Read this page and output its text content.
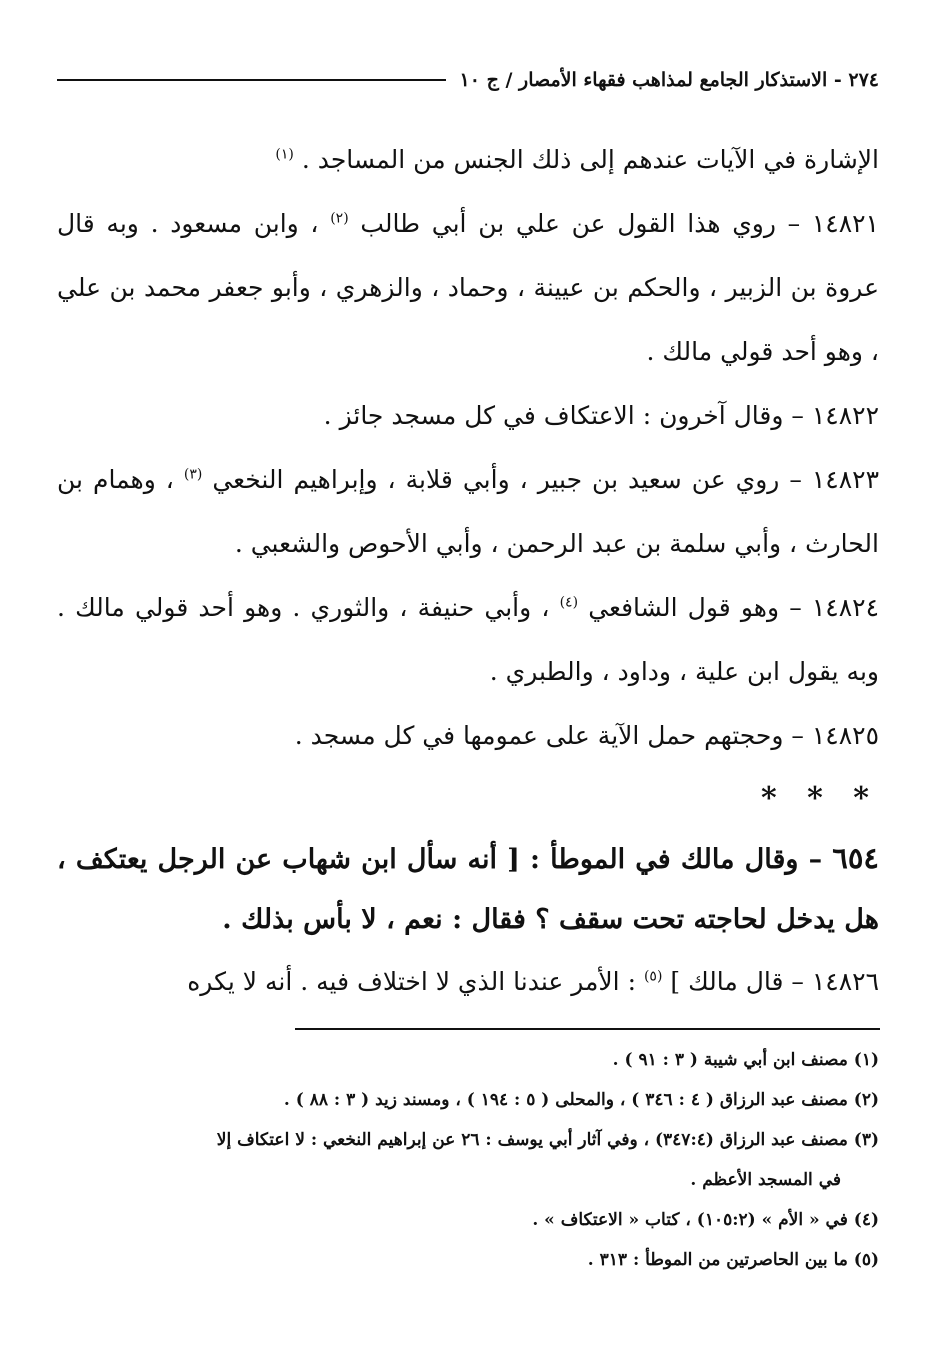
٢٧٤ - الاستذكار الجامع لمذاهب فقهاء الأمصار / ج ١٠

الإشارة في الآيات عندهم إلى ذلك الجنس من المساجد . $^{(١)}$

١٤٨٢١ – روي هذا القول عن علي بن أبي طالب $^{(٢)}$ ، وابن مسعود . وبه قال عروة بن الزبير ، والحكم بن عيينة ، وحماد ، والزهري ، وأبو جعفر محمد بن علي ، وهو أحد قولي مالك .

١٤٨٢٢ – وقال آخرون : الاعتكاف في كل مسجد جائز .

١٤٨٢٣ – روي عن سعيد بن جبير ، وأبي قلابة ، وإبراهيم النخعي $^{(٣)}$ ، وهمام بن الحارث ، وأبي سلمة بن عبد الرحمن ، وأبي الأحوص والشعبي .

١٤٨٢٤ – وهو قول الشافعي $^{(٤)}$ ، وأبي حنيفة ، والثوري . وهو أحد قولي مالك . وبه يقول ابن علية ، وداود ، والطبري .

١٤٨٢٥ – وحجتهم حمل الآية على عمومها في كل مسجد .

* * *

٦٥٤ – وقال مالك في الموطأ : [ أنه سأل ابن شهاب عن الرجل يعتكف ، هل يدخل لحاجته تحت سقف ؟ فقال : نعم ، لا بأس بذلك .

١٤٨٢٦ – قال مالك ] $^{(٥)}$ : الأمر عندنا الذي لا اختلاف فيه . أنه لا يكره

(١) مصنف ابن أبي شيبة ( ٣ : ٩١ ) .

(٢) مصنف عبد الرزاق ( ٤ : ٣٤٦ ) ، والمحلى ( ٥ : ١٩٤ ) ، ومسند زيد ( ٣ : ٨٨ ) .

(٣) مصنف عبد الرزاق (٣٤٧:٤) ، وفي آثار أبي يوسف : ٢٦ عن إبراهيم النخعي : لا اعتكاف إلا

في المسجد الأعظم .

(٤) في « الأم » (١٠٥:٢) ، كتاب « الاعتكاف » .

(٥) ما بين الحاصرتين من الموطأ : ٣١٣ .
